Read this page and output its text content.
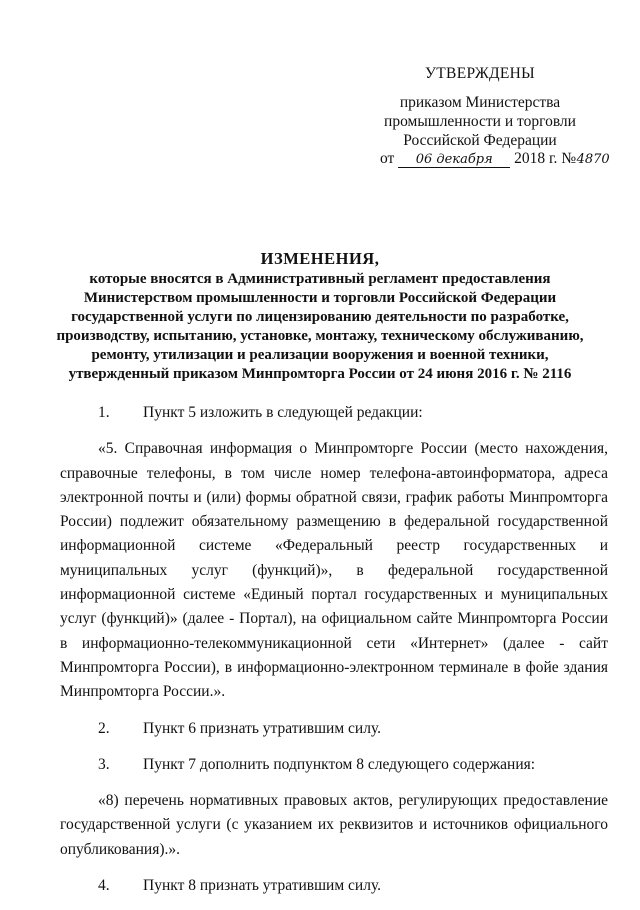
УТВЕРЖДЕНЫ
приказом Министерства
промышленности и торговли
Российской Федерации
от 06 декабря 2018 г. №4870
ИЗМЕНЕНИЯ,
которые вносятся в Административный регламент предоставления
Министерством промышленности и торговли Российской Федерации
государственной услуги по лицензированию деятельности по разработке,
производству, испытанию, установке, монтажу, техническому обслуживанию,
ремонту, утилизации и реализации вооружения и военной техники,
утвержденный приказом Минпромторга России от 24 июня 2016 г. № 2116
1.	Пункт 5 изложить в следующей редакции:

«5. Справочная информация о Минпромторге России (место нахождения, справочные телефоны, в том числе номер телефона-автоинформатора, адреса электронной почты и (или) формы обратной связи, график работы Минпромторга России) подлежит обязательному размещению в федеральной государственной информационной системе «Федеральный реестр государственных и муниципальных услуг (функций)», в федеральной государственной информационной системе «Единый портал государственных и муниципальных услуг (функций)» (далее - Портал), на официальном сайте Минпромторга России в информационно-телекоммуникационной сети «Интернет» (далее - сайт Минпромторга России), в информационно-электронном терминале в фойе здания Минпромторга России.».

2.	Пункт 6 признать утратившим силу.
3.	Пункт 7 дополнить подпунктом 8 следующего содержания:

«8) перечень нормативных правовых актов, регулирующих предоставление государственной услуги (с указанием их реквизитов и источников официального опубликования).».

4.	Пункт 8 признать утратившим силу.
